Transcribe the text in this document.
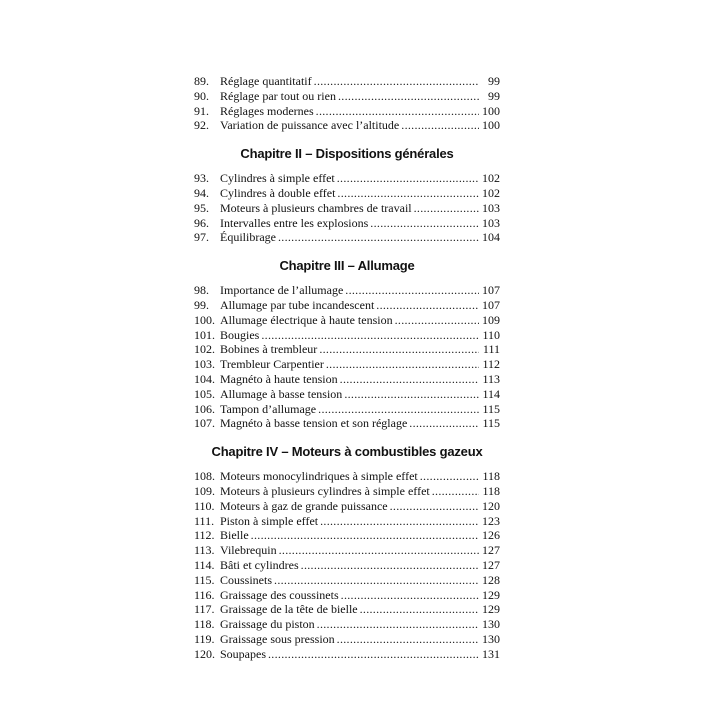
89. Réglage quantitatif .....	99
90. Réglage par tout ou rien .....	99
91. Réglages modernes .....	100
92. Variation de puissance avec l’altitude .....	100
Chapitre II – Dispositions générales
93. Cylindres à simple effet .....	102
94. Cylindres à double effet .....	102
95. Moteurs à plusieurs chambres de travail .....	103
96. Intervalles entre les explosions .....	103
97. Équilibrage .....	104
Chapitre III – Allumage
98. Importance de l’allumage .....	107
99. Allumage par tube incandescent .....	107
100. Allumage électrique à haute tension .....	109
101. Bougies .....	110
102. Bobines à trembleur .....	111
103. Trembleur Carpentier .....	112
104. Magnéto à haute tension .....	113
105. Allumage à basse tension .....	114
106. Tampon d’allumage .....	115
107. Magnéto à basse tension et son réglage .....	115
Chapitre IV – Moteurs à combustibles gazeux
108. Moteurs monocylindriques à simple effet .....	118
109. Moteurs à plusieurs cylindres à simple effet .....	118
110. Moteurs à gaz de grande puissance .....	120
111. Piston à simple effet .....	123
112. Bielle .....	126
113. Vilebrequin .....	127
114. Bâti et cylindres .....	127
115. Coussinets .....	128
116. Graissage des coussinets .....	129
117. Graissage de la tête de bielle .....	129
118. Graissage du piston .....	130
119. Graissage sous pression .....	130
120. Soupapes .....	131
